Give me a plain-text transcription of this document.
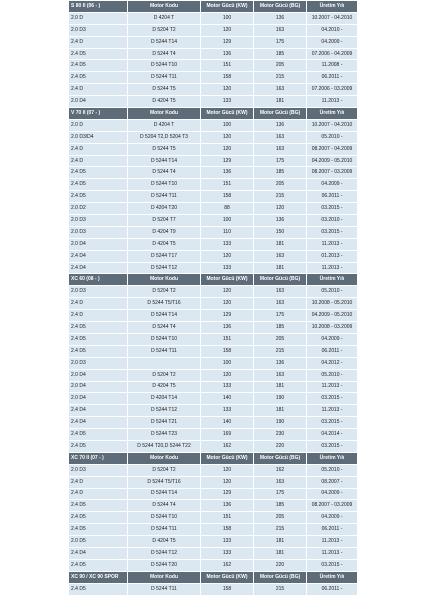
S 80 II (06 - )	Motor Kodu	Motor Gücü (KW)	Motor Gücü (BG)	Üretim Yılı
2.0 D	D 4204 T	100	136	10.2007 - 04.2010
2.0 D3	D 5204 T2	120	163	04.2010 -
2.4 D	D 5244 T14	129	175	04.2009 -
2.4 D5	D 5244 T4	136	185	07.2006 - 04.2009
2.4 D5	D 5244 T10	151	205	11.2008 -
2.4 D5	D 5244 T11	158	215	06.2011 -
2.4 D	D 5244 T5	120	163	07.2006 - 03.2009
2.0 D4	D 4204 T5	133	181	11.2013 -
V 70 II (07 - )	Motor Kodu	Motor Gücü (KW)	Motor Gücü (BG)	Üretim Yılı
2.0 D	D 4204 T	100	136	10.2007 - 04.2010
2.0 D3/D4	D 5204 T2,D 5204 T3	120	163	05.2010 -
2.4 D	D 5244 T5	120	163	08.2007 - 04.2009
2.4 D	D 5244 T14	129	175	04.2009 - 05.2010
2.4 D5	D 5244 T4	136	185	08.2007 - 03.2009
2.4 D5	D 5244 T10	151	205	04.2009 -
2.4 D5	D 5244 T11	158	215	06.2011 -
2.0 D2	D 4204 T20	88	120	03.2015 -
2.0 D3	D 5204 T7	100	136	03.2010 -
2.0 D3	D 4204 T9	110	150	03.2015 -
2.0 D4	D 4204 T5	133	181	11.2013 -
2.4 D4	D 5244 T17	120	163	01.2013 -
2.4 D4	D 5244 T12	133	181	11.2013 -
XC 60 (08 - )	Motor Kodu	Motor Gücü (KW)	Motor Gücü (BG)	Üretim Yılı
2.0 D3	D 5204 T2	120	163	05.2010 -
2.4 D	D 5244 T5/T16	120	163	10.2008 - 05.2010
2.4 D	D 5244 T14	129	175	04.2009 - 05.2010
2.4 D5	D 5244 T4	136	185	10.2008 - 03.2009
2.4 D5	D 5244 T10	151	205	04.2009 -
2.4 D5	D 5244 T11	158	215	06.2011 -
2.0 D3		100	136	04.2012 -
2.0 D4	D 5204 T2	120	163	05.2010 -
2.0 D4	D 4204 T5	133	181	11.2013 -
2.0 D4	D 4204 T14	140	190	03.2015 -
2.4 D4	D 5244 T12	133	181	11.2013 -
2.4 D4	D 5244 T21	140	190	03.2015 -
2.4 D5	D 5244 T23	169	230	04.2014 -
2.4 D5	D 5244 T20,D 5244 T22	162	220	03.2015 -
XC 70 II (07 - )	Motor Kodu	Motor Gücü (KW)	Motor Gücü (BG)	Üretim Yılı
2.0 D3	D 5204 T2	120	162	05.2010 -
2.4 D	D 5244 T5/T16	120	163	08.2007 -
2.4 D	D 5244 T14	129	175	04.2009 -
2.4 D5	D 5244 T4	136	185	08.2007 - 03.2009
2.4 D5	D 5244 T10	151	205	04.2009 -
2.4 D5	D 5244 T11	158	215	06.2011 -
2.0 D5	D 4204 T5	133	181	11.2013 -
2.4 D4	D 5244 T12	133	181	11.2013 -
2.4 D5	D 5244 T20	162	220	03.2015 -
XC 90 / XC 90 SPOR	Motor Kodu	Motor Gücü (KW)	Motor Gücü (BG)	Üretim Yılı
2.4 D5	D 5244 T11	158	215	06.2011 -
